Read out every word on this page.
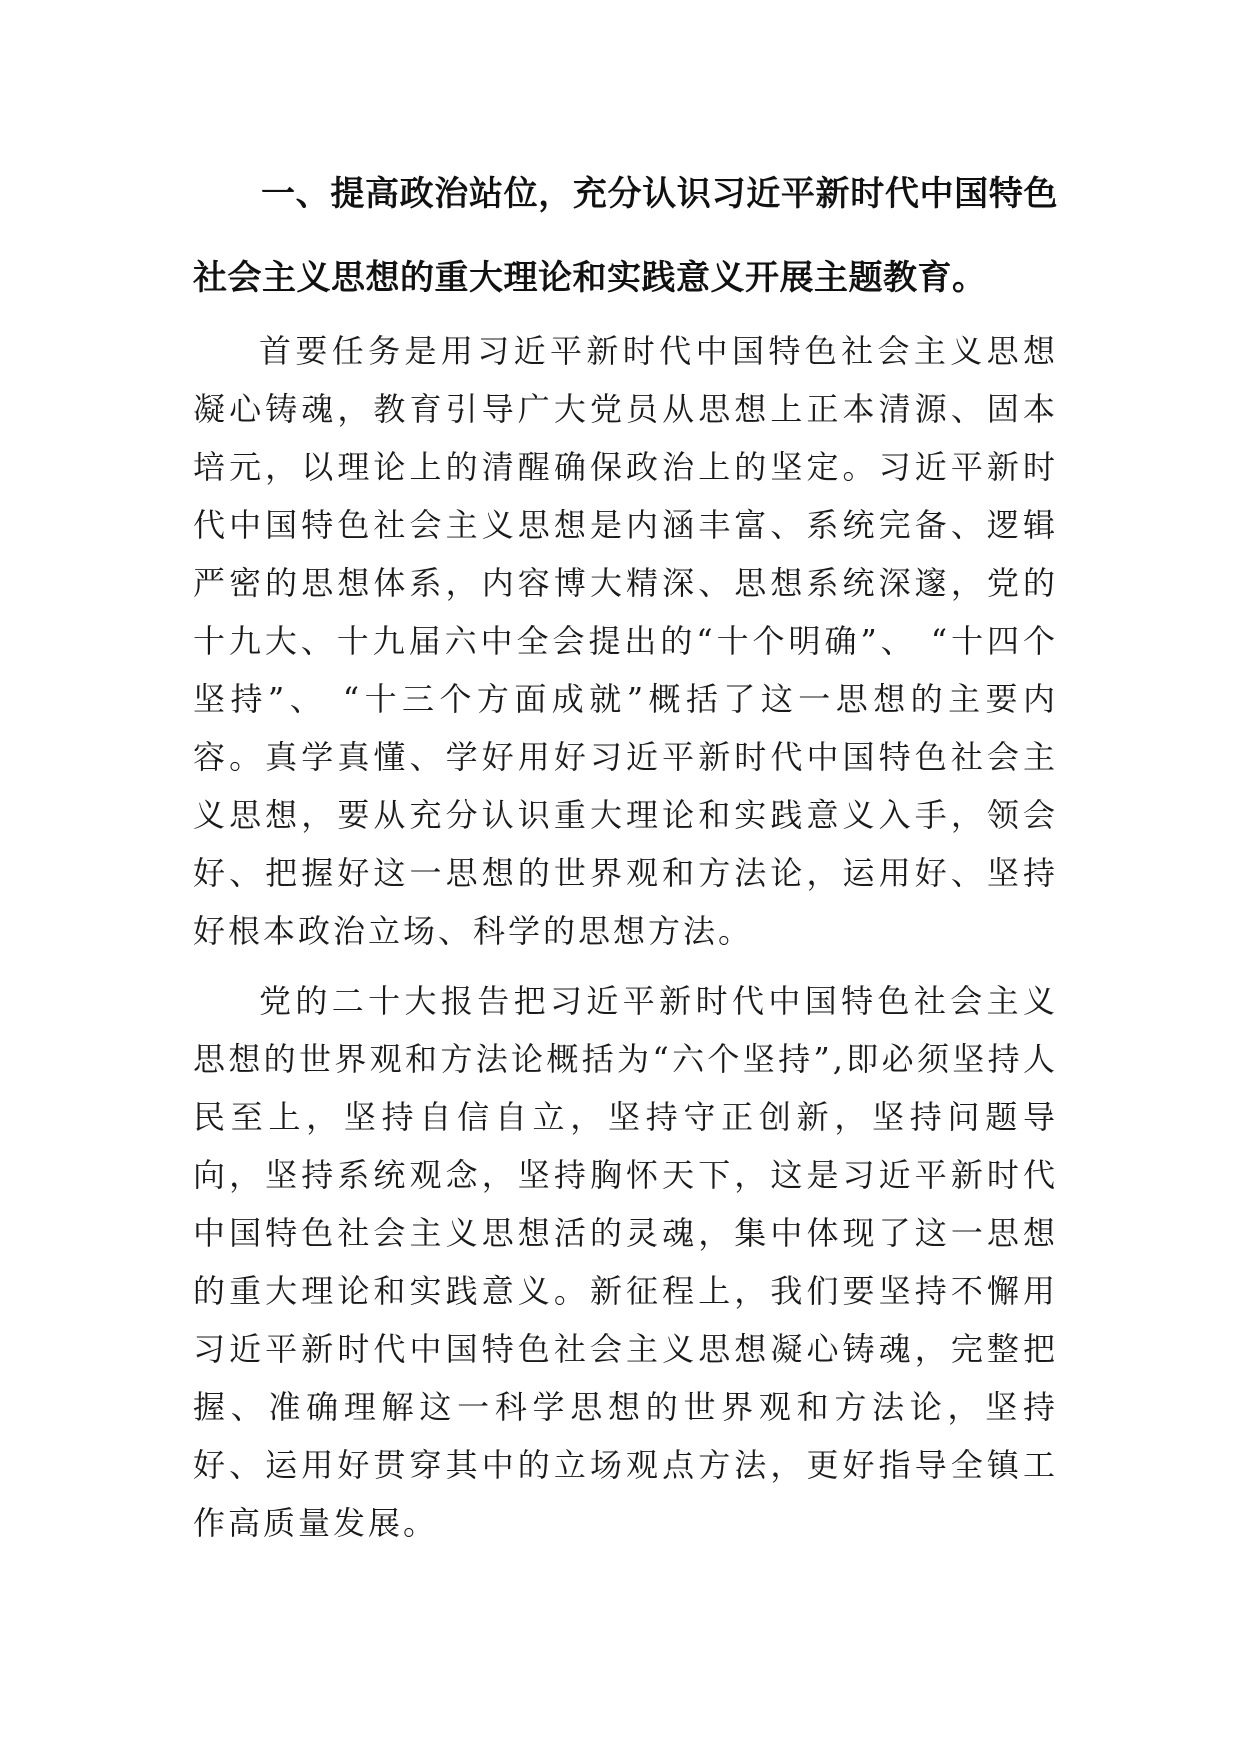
一、提高政治站位，充分认识习近平新时代中国特色社会主义思想的重大理论和实践意义开展主题教育。

首要任务是用习近平新时代中国特色社会主义思想凝心铸魂，教育引导广大党员从思想上正本清源、固本培元，以理论上的清醒确保政治上的坚定。习近平新时代中国特色社会主义思想是内涵丰富、系统完备、逻辑严密的思想体系，内容博大精深、思想系统深邃，党的十九大、十九届六中全会提出的“十个明确”、 “十四个坚持”、 “十三个方面成就”概括了这一思想的主要内容。真学真懂、学好用好习近平新时代中国特色社会主义思想，要从充分认识重大理论和实践意义入手，领会好、把握好这一思想的世界观和方法论，运用好、坚持好根本政治立场、科学的思想方法。

党的二十大报告把习近平新时代中国特色社会主义思想的世界观和方法论概括为“六个坚持”,即必须坚持人民至上，坚持自信自立，坚持守正创新，坚持问题导向，坚持系统观念，坚持胸怀天下，这是习近平新时代中国特色社会主义思想活的灵魂，集中体现了这一思想的重大理论和实践意义。新征程上，我们要坚持不懈用习近平新时代中国特色社会主义思想凝心铸魂，完整把握、准确理解这一科学思想的世界观和方法论，坚持好、运用好贯穿其中的立场观点方法，更好指导全镇工作高质量发展。
